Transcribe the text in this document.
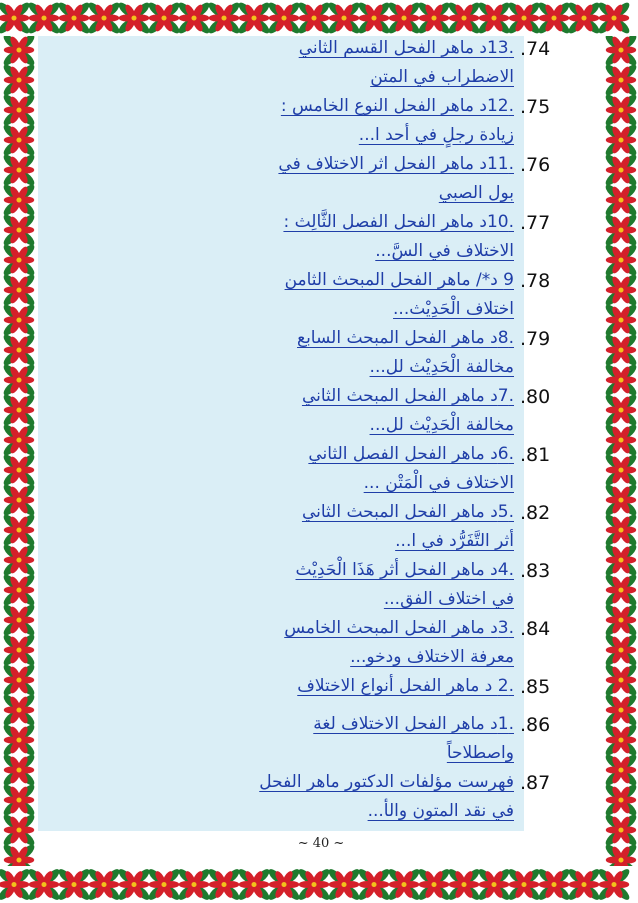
.74
.13د ماهر الفحل القسم الثاني
الاضطراب في المتن
.75
.12د ماهر الفحل النوع الخامس :
زيادة رجلٍ في أحد ا...
.76
.11د ماهر الفحل اثر الاختلاف في
بول الصبي
.77
.10د ماهر الفحل الفصل الثَّالِث :
الاختلاف في السَّ...
.78
9 د*/ ماهر الفحل المبحث الثامن
اختلاف الْحَدِيْث...
.79
.8د ماهر الفحل المبحث السابع
مخالفة الْحَدِيْث لل...
.80
.7د ماهر الفحل المبحث الثاني
مخالفة الْحَدِيْث لل...
.81
.6د ماهر الفحل الفصل الثاني
الاختلاف في الْمَتْن ...
.82
.5د ماهر الفحل المبحث الثاني
أثر التَّفَرُّد في ا...
.83
.4د ماهر الفحل أثر هَذَا الْحَدِيْث
في اختلاف الفق...
.84
.3د ماهر الفحل المبحث الخامس
معرفة الاختلاف ودخو...
.85
.2 د ماهر الفحل أنواع الاختلاف
.86
.1د ماهر الفحل الاختلاف لغة
واصطلاحاً
.87
فهرست مؤلفات الدكتور ماهر الفحل
في نقد المتون والأ...
~ 40 ~
